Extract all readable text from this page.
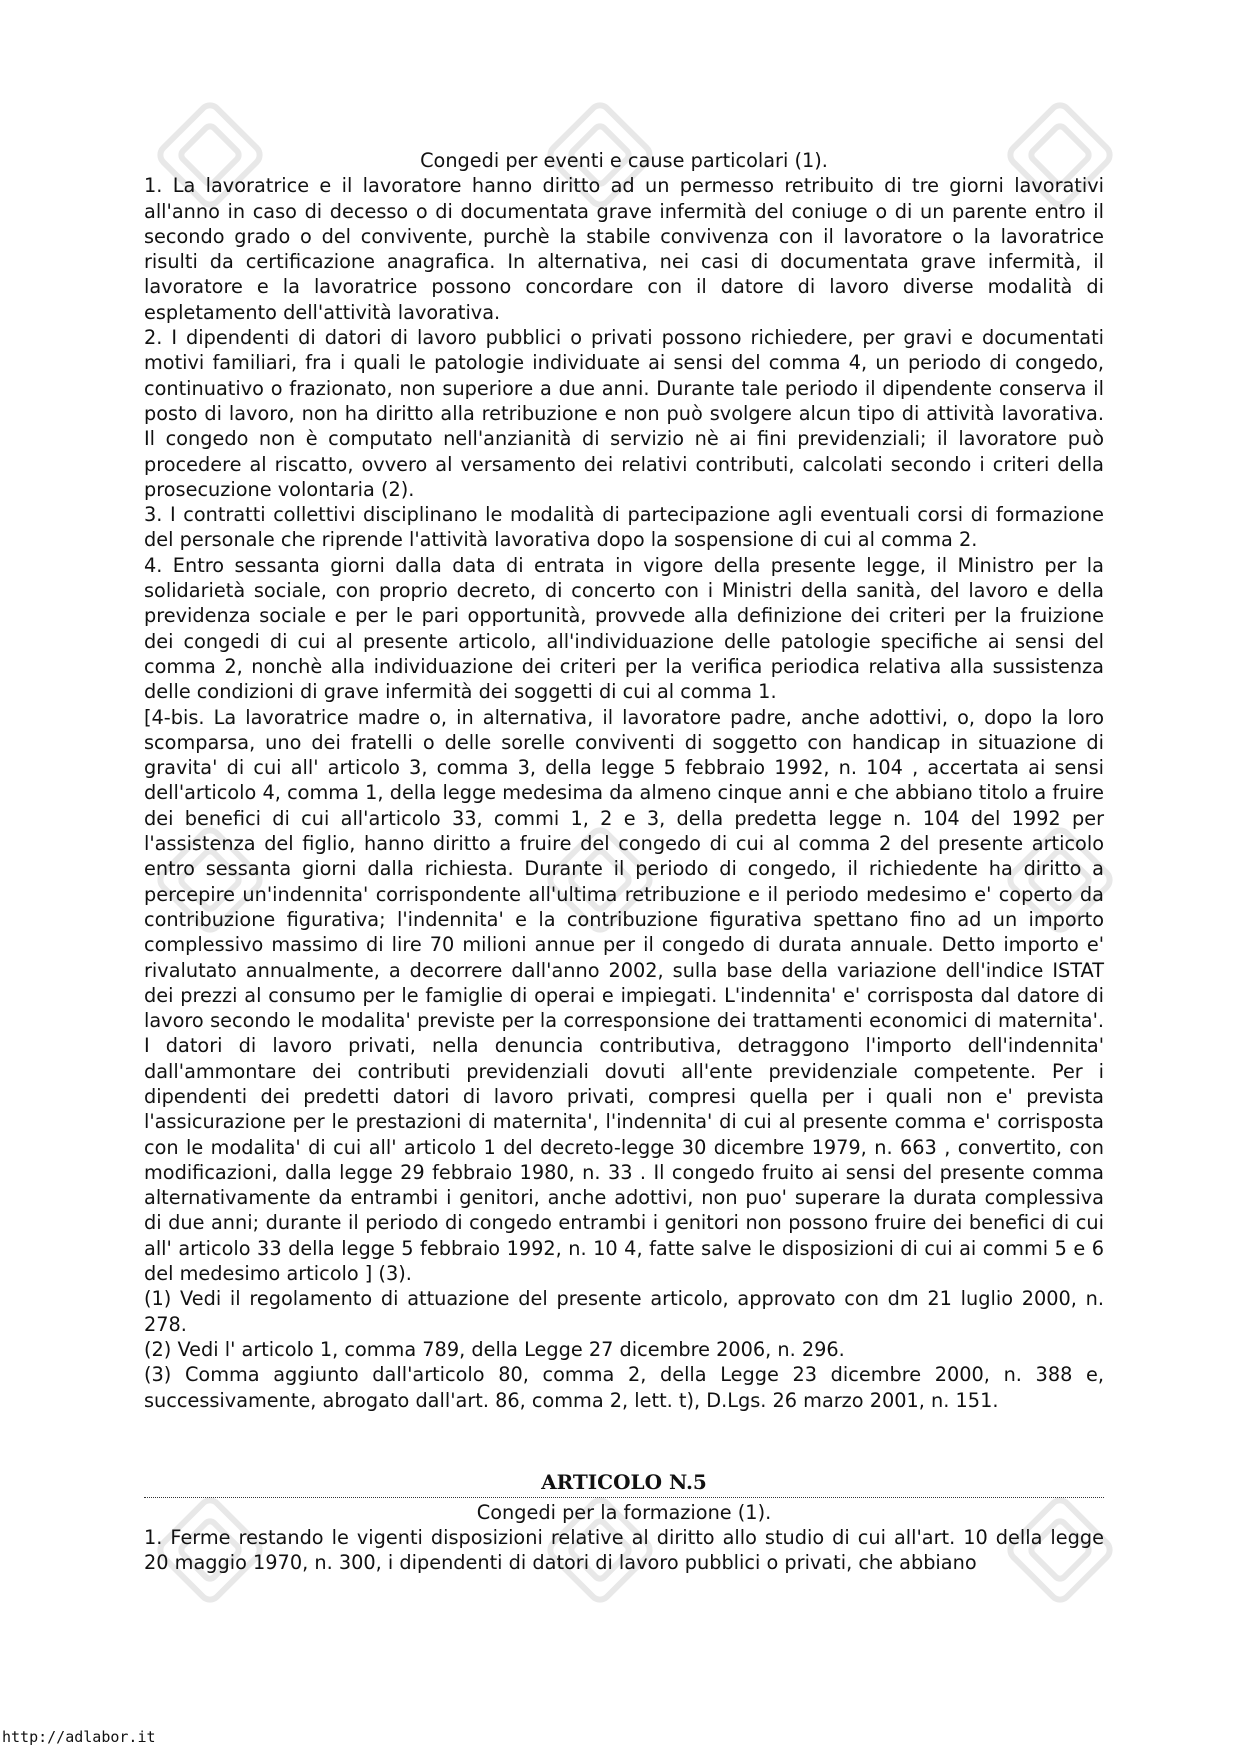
Congedi per eventi e cause particolari (1).

1. La lavoratrice e il lavoratore hanno diritto ad un permesso retribuito di tre giorni lavorativi all'anno in caso di decesso o di documentata grave infermità del coniuge o di un parente entro il secondo grado o del convivente, purchè la stabile convivenza con il lavoratore o la lavoratrice risulti da certificazione anagrafica. In alternativa, nei casi di documentata grave infermità, il lavoratore e la lavoratrice possono concordare con il datore di lavoro diverse modalità di espletamento dell'attività lavorativa.

2. I dipendenti di datori di lavoro pubblici o privati possono richiedere, per gravi e documentati motivi familiari, fra i quali le patologie individuate ai sensi del comma 4, un periodo di congedo, continuativo o frazionato, non superiore a due anni. Durante tale periodo il dipendente conserva il posto di lavoro, non ha diritto alla retribuzione e non può svolgere alcun tipo di attività lavorativa. Il congedo non è computato nell'anzianità di servizio nè ai fini previdenziali; il lavoratore può procedere al riscatto, ovvero al versamento dei relativi contributi, calcolati secondo i criteri della prosecuzione volontaria (2).

3. I contratti collettivi disciplinano le modalità di partecipazione agli eventuali corsi di formazione del personale che riprende l'attività lavorativa dopo la sospensione di cui al comma 2.

4. Entro sessanta giorni dalla data di entrata in vigore della presente legge, il Ministro per la solidarietà sociale, con proprio decreto, di concerto con i Ministri della sanità, del lavoro e della previdenza sociale e per le pari opportunità, provvede alla definizione dei criteri per la fruizione dei congedi di cui al presente articolo, all'individuazione delle patologie specifiche ai sensi del comma 2, nonchè alla individuazione dei criteri per la verifica periodica relativa alla sussistenza delle condizioni di grave infermità dei soggetti di cui al comma 1.

[4-bis. La lavoratrice madre o, in alternativa, il lavoratore padre, anche adottivi, o, dopo la loro scomparsa, uno dei fratelli o delle sorelle conviventi di soggetto con handicap in situazione di gravita' di cui all' articolo 3, comma 3, della legge 5 febbraio 1992, n. 104 , accertata ai sensi dell'articolo 4, comma 1, della legge medesima da almeno cinque anni e che abbiano titolo a fruire dei benefici di cui all'articolo 33, commi 1, 2 e 3, della predetta legge n. 104 del 1992 per l'assistenza del figlio, hanno diritto a fruire del congedo di cui al comma 2 del presente articolo entro sessanta giorni dalla richiesta. Durante il periodo di congedo, il richiedente ha diritto a percepire un'indennita' corrispondente all'ultima retribuzione e il periodo medesimo e' coperto da contribuzione figurativa; l'indennita' e la contribuzione figurativa spettano fino ad un importo complessivo massimo di lire 70 milioni annue per il congedo di durata annuale. Detto importo e' rivalutato annualmente, a decorrere dall'anno 2002, sulla base della variazione dell'indice ISTAT dei prezzi al consumo per le famiglie di operai e impiegati. L'indennita' e' corrisposta dal datore di lavoro secondo le modalita' previste per la corresponsione dei trattamenti economici di maternita'. I datori di lavoro privati, nella denuncia contributiva, detraggono l'importo dell'indennita' dall'ammontare dei contributi previdenziali dovuti all'ente previdenziale competente. Per i dipendenti dei predetti datori di lavoro privati, compresi quella per i quali non e' prevista l'assicurazione per le prestazioni di maternita', l'indennita' di cui al presente comma e' corrisposta con le modalita' di cui all' articolo 1 del decreto-legge 30 dicembre 1979, n. 663 , convertito, con modificazioni, dalla legge 29 febbraio 1980, n. 33 . Il congedo fruito ai sensi del presente comma alternativamente da entrambi i genitori, anche adottivi, non puo' superare la durata complessiva di due anni; durante il periodo di congedo entrambi i genitori non possono fruire dei benefici di cui all' articolo 33 della legge 5 febbraio 1992, n. 10 4, fatte salve le disposizioni di cui ai commi 5 e 6 del medesimo articolo ] (3).

(1) Vedi il regolamento di attuazione del presente articolo, approvato con dm 21 luglio 2000, n. 278.

(2) Vedi l' articolo 1, comma 789, della Legge 27 dicembre 2006, n. 296.

(3) Comma aggiunto dall'articolo 80, comma 2, della Legge 23 dicembre 2000, n. 388 e, successivamente, abrogato dall'art. 86, comma 2, lett. t), D.Lgs. 26 marzo 2001, n. 151.

ARTICOLO N.5

Congedi per la formazione (1).

1. Ferme restando le vigenti disposizioni relative al diritto allo studio di cui all'art. 10 della legge 20 maggio 1970, n. 300, i dipendenti di datori di lavoro pubblici o privati, che abbiano

http://adlabor.it
